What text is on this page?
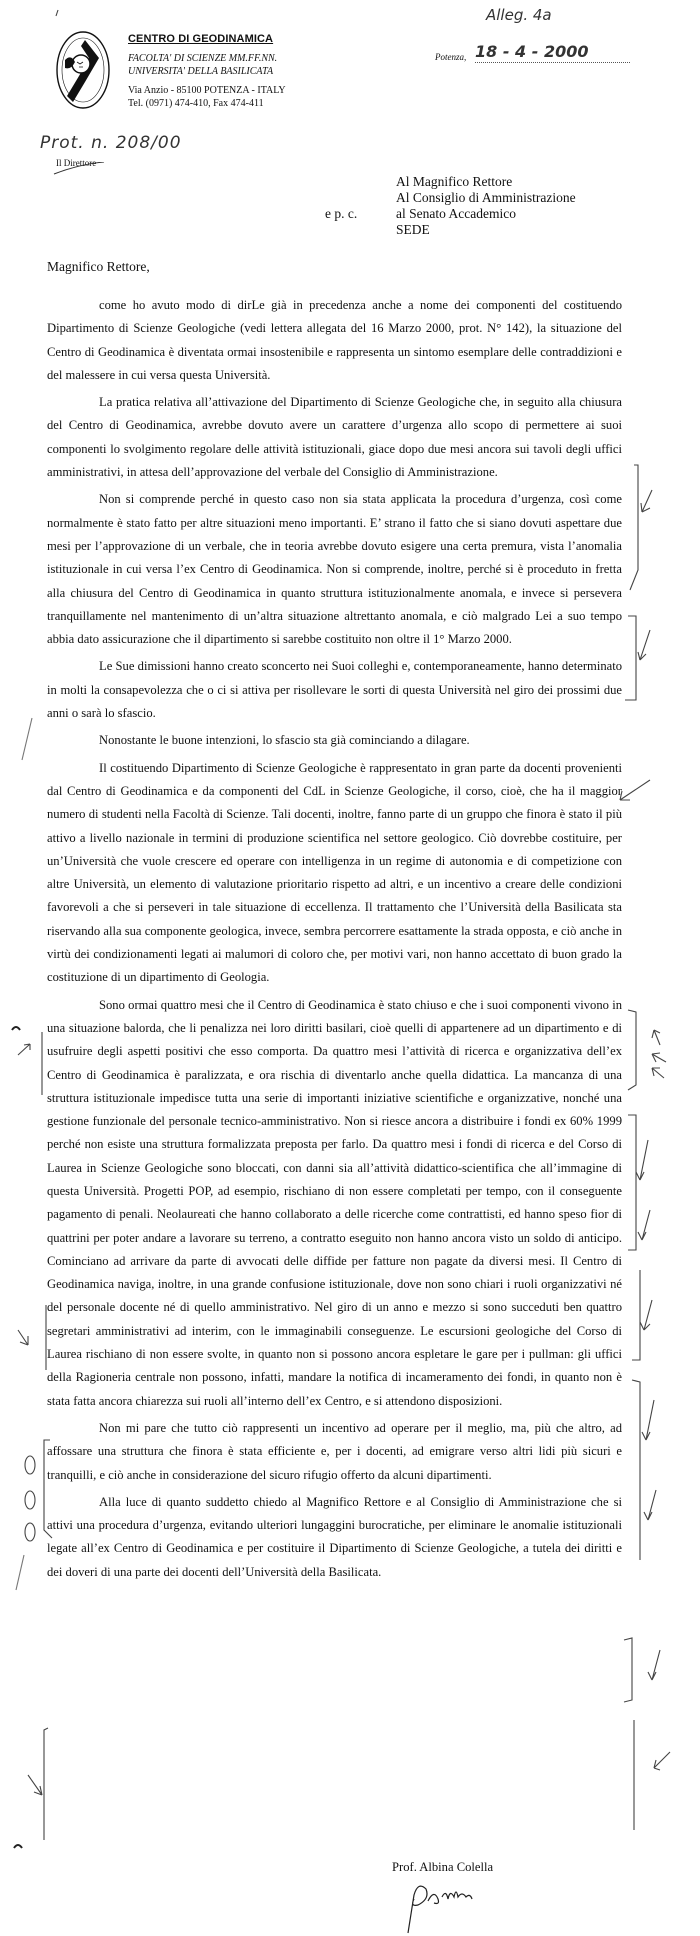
CENTRO DI GEODINAMICA
FACOLTA' DI SCIENZE MM.FF.NN.
UNIVERSITA' DELLA BASILICATA
Via Anzio - 85100 POTENZA - ITALY
Tel. (0971) 474-410, Fax 474-411
Prot. n. 208/00
Il Direttore
Alleg. 4a
Potenza, 18 - 4 - 2000
Al Magnifico Rettore
Al Consiglio di Amministrazione
e p. c.	al Senato Accademico
SEDE
Magnifico Rettore,

come ho avuto modo di dirLe già in precedenza anche a nome dei componenti del costituendo Dipartimento di Scienze Geologiche (vedi lettera allegata del 16 Marzo 2000, prot. N° 142), la situazione del Centro di Geodinamica è diventata ormai insostenibile e rappresenta un sintomo esemplare delle contraddizioni e del malessere in cui versa questa Università.

La pratica relativa all’attivazione del Dipartimento di Scienze Geologiche che, in seguito alla chiusura del Centro di Geodinamica, avrebbe dovuto avere un carattere d’urgenza allo scopo di permettere ai suoi componenti lo svolgimento regolare delle attività istituzionali, giace dopo due mesi ancora sui tavoli degli uffici amministrativi, in attesa dell’approvazione del verbale del Consiglio di Amministrazione.

Non si comprende perché in questo caso non sia stata applicata la procedura d’urgenza, così come normalmente è stato fatto per altre situazioni meno importanti. E’ strano il fatto che si siano dovuti aspettare due mesi per l’approvazione di un verbale, che in teoria avrebbe dovuto esigere una certa premura, vista l’anomalia istituzionale in cui versa l’ex Centro di Geodinamica. Non si comprende, inoltre, perché si è proceduto in fretta alla chiusura del Centro di Geodinamica in quanto struttura istituzionalmente anomala, e invece si persevera tranquillamente nel mantenimento di un’altra situazione altrettanto anomala, e ciò malgrado Lei a suo tempo abbia dato assicurazione che il dipartimento si sarebbe costituito non oltre il 1° Marzo 2000.

Le Sue dimissioni hanno creato sconcerto nei Suoi colleghi e, contemporaneamente, hanno determinato in molti la consapevolezza che o ci si attiva per risollevare le sorti di questa Università nel giro dei prossimi due anni o sarà lo sfascio.

Nonostante le buone intenzioni, lo sfascio sta già cominciando a dilagare.

Il costituendo Dipartimento di Scienze Geologiche è rappresentato in gran parte da docenti provenienti dal Centro di Geodinamica e da componenti del CdL in Scienze Geologiche, il corso, cioè, che ha il maggior numero di studenti nella Facoltà di Scienze. Tali docenti, inoltre, fanno parte di un gruppo che finora è stato il più attivo a livello nazionale in termini di produzione scientifica nel settore geologico. Ciò dovrebbe costituire, per un’Università che vuole crescere ed operare con intelligenza in un regime di autonomia e di competizione con altre Università, un elemento di valutazione prioritario rispetto ad altri, e un incentivo a creare delle condizioni favorevoli a che si perseveri in tale situazione di eccellenza. Il trattamento che l’Università della Basilicata sta riservando alla sua componente geologica, invece, sembra percorrere esattamente la strada opposta, e ciò anche in virtù dei condizionamenti legati ai malumori di coloro che, per motivi vari, non hanno accettato di buon grado la costituzione di un dipartimento di Geologia.

Sono ormai quattro mesi che il Centro di Geodinamica è stato chiuso e che i suoi componenti vivono in una situazione balorda, che li penalizza nei loro diritti basilari, cioè quelli di appartenere ad un dipartimento e di usufruire degli aspetti positivi che esso comporta. Da quattro mesi l’attività di ricerca e organizzativa dell’ex Centro di Geodinamica è paralizzata, e ora rischia di diventarlo anche quella didattica. La mancanza di una struttura istituzionale impedisce tutta una serie di importanti iniziative scientifiche e organizzative, nonché una gestione funzionale del personale tecnico-amministrativo. Non si riesce ancora a distribuire i fondi ex 60% 1999 perché non esiste una struttura formalizzata preposta per farlo. Da quattro mesi i fondi di ricerca e del Corso di Laurea in Scienze Geologiche sono bloccati, con danni sia all’attività didattico-scientifica che all’immagine di questa Università. Progetti POP, ad esempio, rischiano di non essere completati per tempo, con il conseguente pagamento di penali. Neolaureati che hanno collaborato a delle ricerche come contrattisti, ed hanno speso fior di quattrini per poter andare a lavorare su terreno, a contratto eseguito non hanno ancora visto un soldo di anticipo. Cominciano ad arrivare da parte di avvocati delle diffide per fatture non pagate da diversi mesi. Il Centro di Geodinamica naviga, inoltre, in una grande confusione istituzionale, dove non sono chiari i ruoli organizzativi né del personale docente né di quello amministrativo. Nel giro di un anno e mezzo si sono succeduti ben quattro segretari amministrativi ad interim, con le immaginabili conseguenze. Le escursioni geologiche del Corso di Laurea rischiano di non essere svolte, in quanto non si possono ancora espletare le gare per i pullman: gli uffici della Ragioneria centrale non possono, infatti, mandare la notifica di incameramento dei fondi, in quanto non è stata fatta ancora chiarezza sui ruoli all’interno dell’ex Centro, e si attendono disposizioni.

Non mi pare che tutto ciò rappresenti un incentivo ad operare per il meglio, ma, più che altro, ad affossare una struttura che finora è stata efficiente e, per i docenti, ad emigrare verso altri lidi più sicuri e tranquilli, e ciò anche in considerazione del sicuro rifugio offerto da alcuni dipartimenti.

Alla luce di quanto suddetto chiedo al Magnifico Rettore e al Consiglio di Amministrazione che si attivi una procedura d’urgenza, evitando ulteriori lungaggini burocratiche, per eliminare le anomalie istituzionali legate all’ex Centro di Geodinamica e per costituire il Dipartimento di Scienze Geologiche, a tutela dei diritti e dei doveri di una parte dei docenti dell’Università della Basilicata.

Prof. Albina Colella
